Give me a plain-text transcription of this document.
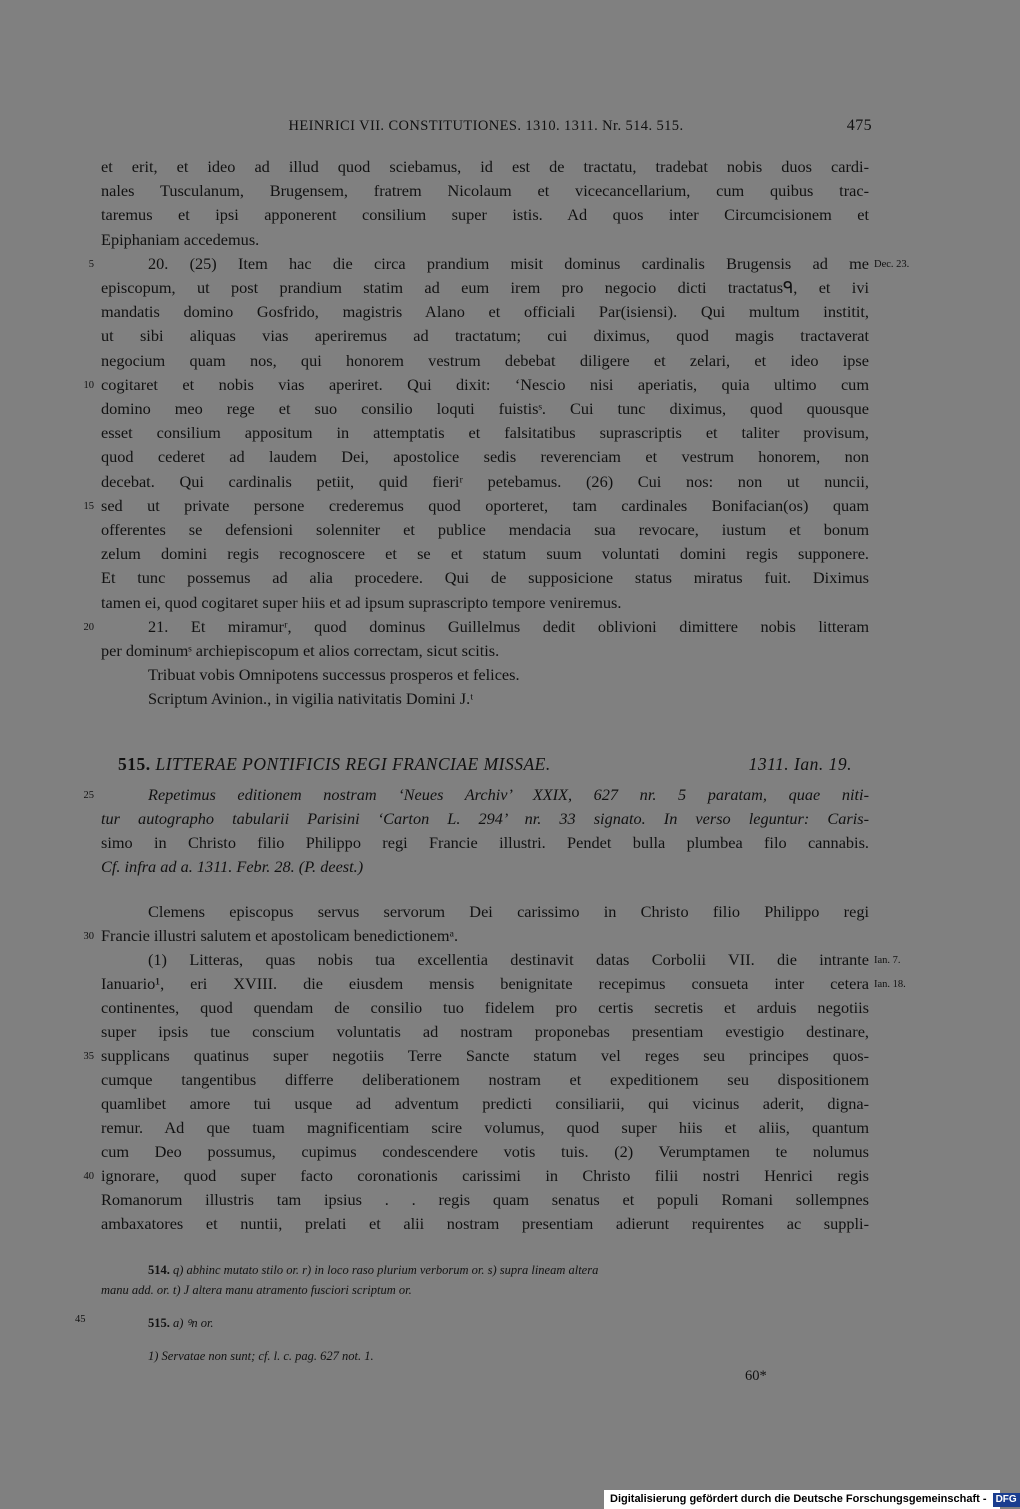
HEINRICI VII. CONSTITUTIONES. 1310. 1311. Nr. 514. 515.	475
et erit, et ideo ad illud quod sciebamus, id est de tractatu, tradebat nobis duos cardi-
nales Tusculanum, Brugensem, fratrem Nicolaum et vicecancellarium, cum quibus trac-
taremus et ipsi apponerent consilium super istis. Ad quos inter Circumcisionem et
Epiphaniam accedemus.
20. (25) Item hac die circa prandium misit dominus cardinalis Brugensis ad me
5	Dec. 23.
episcopum, ut post prandium statim ad eum irem pro negocio dicti tractatusᑫ, et ivi
mandatis domino Gosfrido, magistris Alano et officiali Par(isiensi). Qui multum institit,
ut sibi aliquas vias aperiremus ad tractatum; cui diximus, quod magis tractaverat
negocium quam nos, qui honorem vestrum debebat diligere et zelari, et ideo ipse
cogitaret et nobis vias aperiret. Qui dixit: ‘Nescio nisi aperiatis, quia ultimo cum
10
domino meo rege et suo consilio loquti fuistisˢ. Cui tunc diximus, quod quousque
esset consilium appositum in attemptatis et falsitatibus suprascriptis et taliter provisum,
quod cederet ad laudem Dei, apostolice sedis reverenciam et vestrum honorem, non
decebat. Qui cardinalis petiit, quid fieriʳ petebamus. (26) Cui nos: non ut nuncii,
sed ut private persone crederemus quod oporteret, tam cardinales Bonifacian(os) quam
15
offerentes se defensioni solenniter et publice mendacia sua revocare, iustum et bonum
zelum domini regis recognoscere et se et statum suum voluntati domini regis supponere.
Et tunc possemus ad alia procedere. Qui de supposicione status miratus fuit. Diximus
tamen ei, quod cogitaret super hiis et ad ipsum suprascripto tempore veniremus.
21. Et miramurʳ, quod dominus Guillelmus dedit oblivioni dimittere nobis litteram
20
per dominumˢ archiepiscopum et alios correctam, sicut scitis.
Tribuat vobis Omnipotens successus prosperos et felices.
Scriptum Avinion., in vigilia nativitatis Domini J.ᵗ
Repetimus editionem nostram ‘Neues Archiv’ XXIX, 627 nr. 5 paratam, quae niti-
25
tur autographo tabularii Parisini ‘Carton L. 294’ nr. 33 signato. In verso leguntur: Caris-
simo in Christo filio Philippo regi Francie illustri. Pendet bulla plumbea filo cannabis.
Cf. infra ad a. 1311. Febr. 28. (P. deest.)
Clemens episcopus servus servorum Dei carissimo in Christo filio Philippo regi
Francie illustri salutem et apostolicam benedictionemᵃ.
30
(1) Litteras, quas nobis tua excellentia destinavit datas Corbolii VII. die intrante Ian. 7.
Ianuario¹, eri XVIII. die eiusdem mensis benignitate recepimus consueta inter cetera Ian. 18.
continentes, quod quendam de consilio tuo fidelem pro certis secretis et arduis negotiis
super ipsis tue conscium voluntatis ad nostram proponebas presentiam evestigio destinare,
supplicans quatinus super negotiis Terre Sancte statum vel reges seu principes quos-
35
cumque tangentibus differre deliberationem nostram et expeditionem seu dispositionem
quamlibet amore tui usque ad adventum predicti consiliarii, qui vicinus aderit, digna-
remur. Ad que tuam magnificentiam scire volumus, quod super hiis et aliis, quantum
cum Deo possumus, cupimus condescendere votis tuis. (2) Verumptamen te nolumus
ignorare, quod super facto coronationis carissimi in Christo filii nostri Henrici regis
40
Romanorum illustris tam ipsius . . regis quam senatus et populi Romani sollempnes
ambaxatores et nuntii, prelati et alii nostram presentiam adierunt requirentes ac suppli-
515. LITTERAE PONTIFICIS REGI FRANCIAE MISSAE.	1311. Ian. 19.
514. q) abhinc mutato stilo or. r) in loco raso plurium verborum or. s) supra lineam altera
manu add. or. t) J altera manu atramento fusciori scriptum or.
45	515. a) ꝰn or.
1) Servatae non sunt; cf. l. c. pag. 627 not. 1.
60*
Digitalisierung gefördert durch die Deutsche Forschungsgemeinschaft - DFG
